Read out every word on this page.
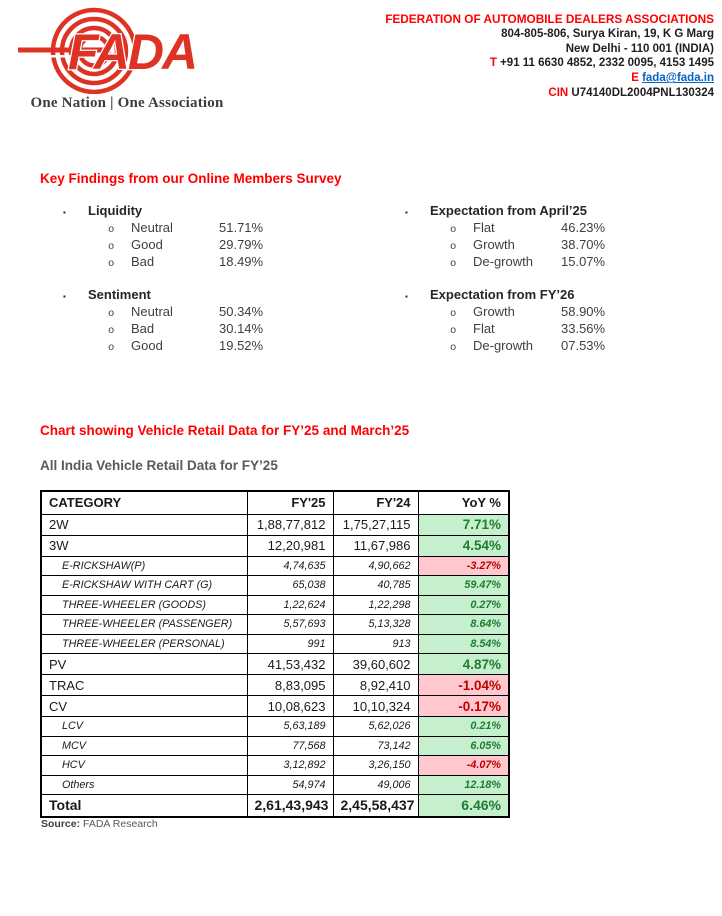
FADA
One Nation | One Association
FEDERATION OF AUTOMOBILE DEALERS ASSOCIATIONS
804-805-806, Surya Kiran, 19, K G Marg
New Delhi - 110 001 (INDIA)
T +91 11 6630 4852, 2332 0095, 4153 1495
E fada@fada.in
CIN U74140DL2004PNL130324
Key Findings from our Online Members Survey
▪	Liquidity
o	Neutral	51.71%
o	Good	29.79%
o	Bad	18.49%
▪	Sentiment
o	Neutral	50.34%
o	Bad	30.14%
o	Good	19.52%
▪	Expectation from April’25
o	Flat	46.23%
o	Growth	38.70%
o	De-growth	15.07%
▪	Expectation from FY’26
o	Growth	58.90%
o	Flat	33.56%
o	De-growth	07.53%
Chart showing Vehicle Retail Data for FY’25 and March’25
All India Vehicle Retail Data for FY’25
CATEGORY	FY'25	FY'24	YoY %
2W	1,88,77,812	1,75,27,115	7.71%
3W	12,20,981	11,67,986	4.54%
E-RICKSHAW(P)	4,74,635	4,90,662	-3.27%
E-RICKSHAW WITH CART (G)	65,038	40,785	59.47%
THREE-WHEELER (GOODS)	1,22,624	1,22,298	0.27%
THREE-WHEELER (PASSENGER)	5,57,693	5,13,328	8.64%
THREE-WHEELER (PERSONAL)	991	913	8.54%
PV	41,53,432	39,60,602	4.87%
TRAC	8,83,095	8,92,410	-1.04%
CV	10,08,623	10,10,324	-0.17%
LCV	5,63,189	5,62,026	0.21%
MCV	77,568	73,142	6.05%
HCV	3,12,892	3,26,150	-4.07%
Others	54,974	49,006	12.18%
Total	2,61,43,943	2,45,58,437	6.46%
Source: FADA Research
